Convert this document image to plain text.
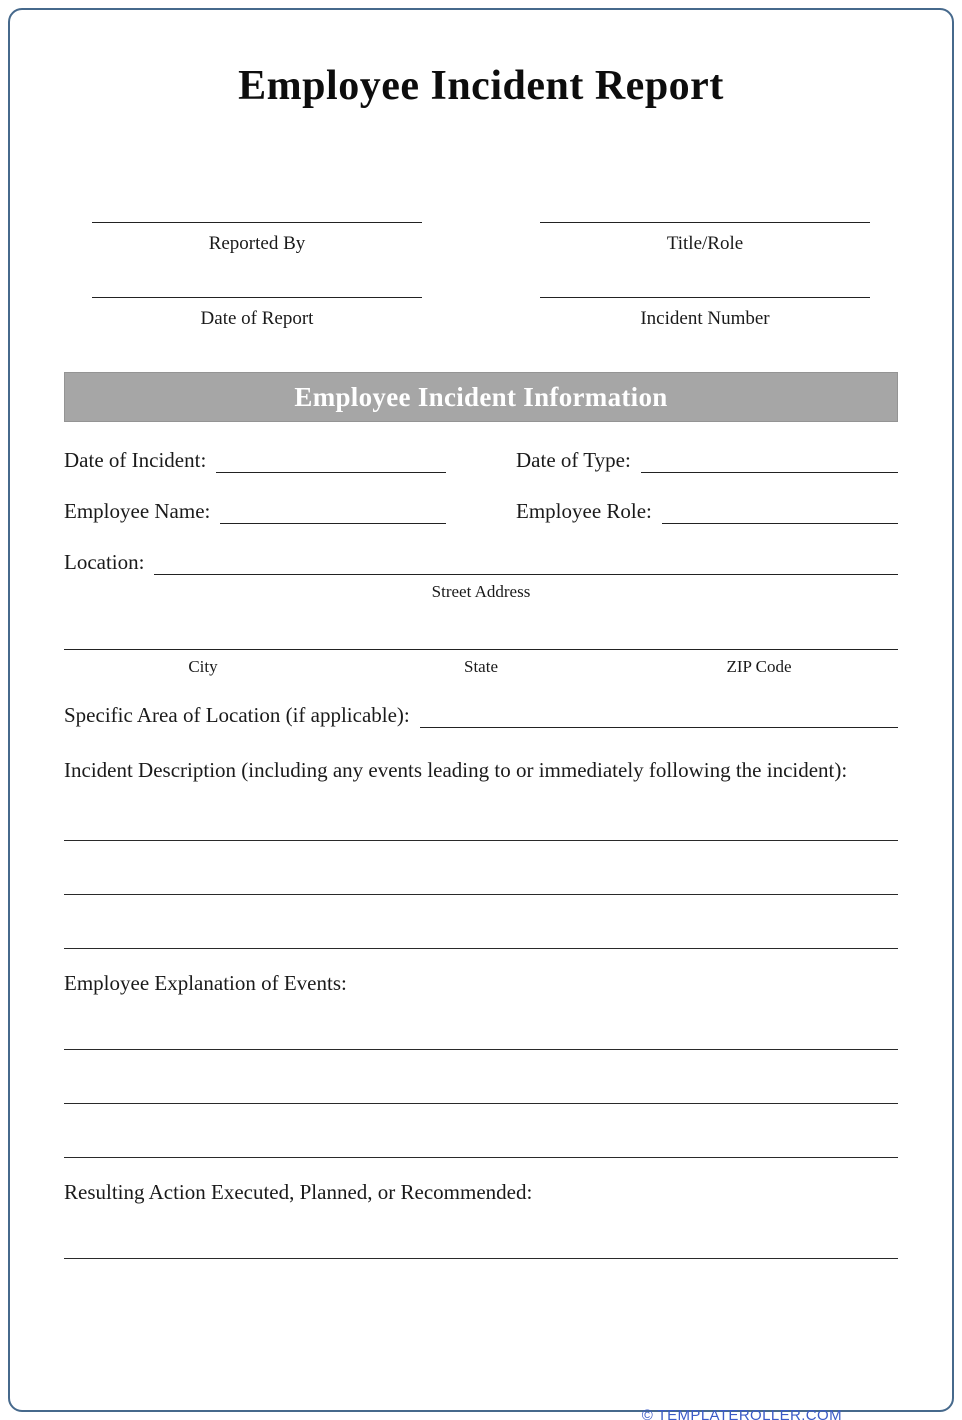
Employee Incident Report
Reported By	Title/Role
Date of Report	Incident Number
Employee Incident Information
Date of Incident:	Date of Type:
Employee Name:	Employee Role:
Location:
Street Address
City	State	ZIP Code
Specific Area of Location (if applicable):

Incident Description (including any events leading to or immediately following the incident):

Employee Explanation of Events:
Resulting Action Executed, Planned, or Recommended:
© TEMPLATEROLLER.COM
